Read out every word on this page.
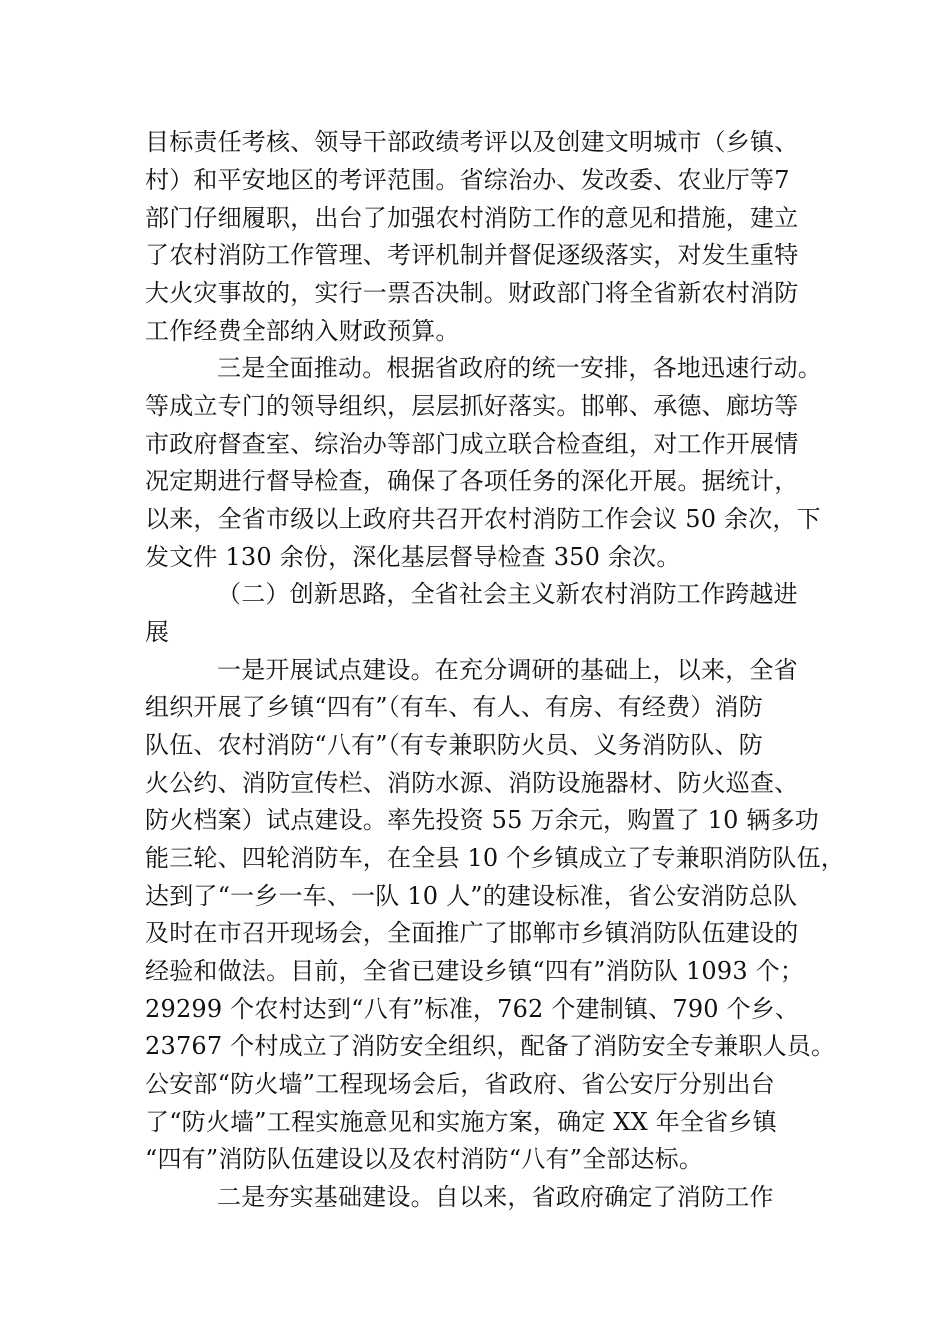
目标责任考核、领导干部政绩考评以及创建文明城市（乡镇、
村）和平安地区的考评范围。省综治办、发改委、农业厅等7
部门仔细履职，出台了加强农村消防工作的意见和措施，建立
了农村消防工作管理、考评机制并督促逐级落实，对发生重特
大火灾事故的，实行一票否决制。财政部门将全省新农村消防
工作经费全部纳入财政预算。
三是全面推动。根据省政府的统一安排，各地迅速行动。
等成立专门的领导组织，层层抓好落实。邯郸、承德、廊坊等
市政府督查室、综治办等部门成立联合检查组，对工作开展情
况定期进行督导检查，确保了各项任务的深化开展。据统计，
以来，全省市级以上政府共召开农村消防工作会议 50 余次，下
发文件 130 余份，深化基层督导检查 350 余次。
（二）创新思路，全省社会主义新农村消防工作跨越进
展
一是开展试点建设。在充分调研的基础上，以来，全省
组织开展了乡镇“四有”（有车、有人、有房、有经费）消防
队伍、农村消防“八有”（有专兼职防火员、义务消防队、防
火公约、消防宣传栏、消防水源、消防设施器材、防火巡查、
防火档案）试点建设。率先投资 55 万余元，购置了 10 辆多功
能三轮、四轮消防车，在全县 10 个乡镇成立了专兼职消防队伍，
达到了“一乡一车、一队 10 人”的建设标准，省公安消防总队
及时在市召开现场会，全面推广了邯郸市乡镇消防队伍建设的
经验和做法。目前，全省已建设乡镇“四有”消防队 1093 个；
29299 个农村达到“八有”标准，762 个建制镇、790 个乡、
23767 个村成立了消防安全组织，配备了消防安全专兼职人员。
公安部“防火墙”工程现场会后，省政府、省公安厅分别出台
了“防火墙”工程实施意见和实施方案，确定 XX 年全省乡镇
“四有”消防队伍建设以及农村消防“八有”全部达标。
二是夯实基础建设。自以来，省政府确定了消防工作
